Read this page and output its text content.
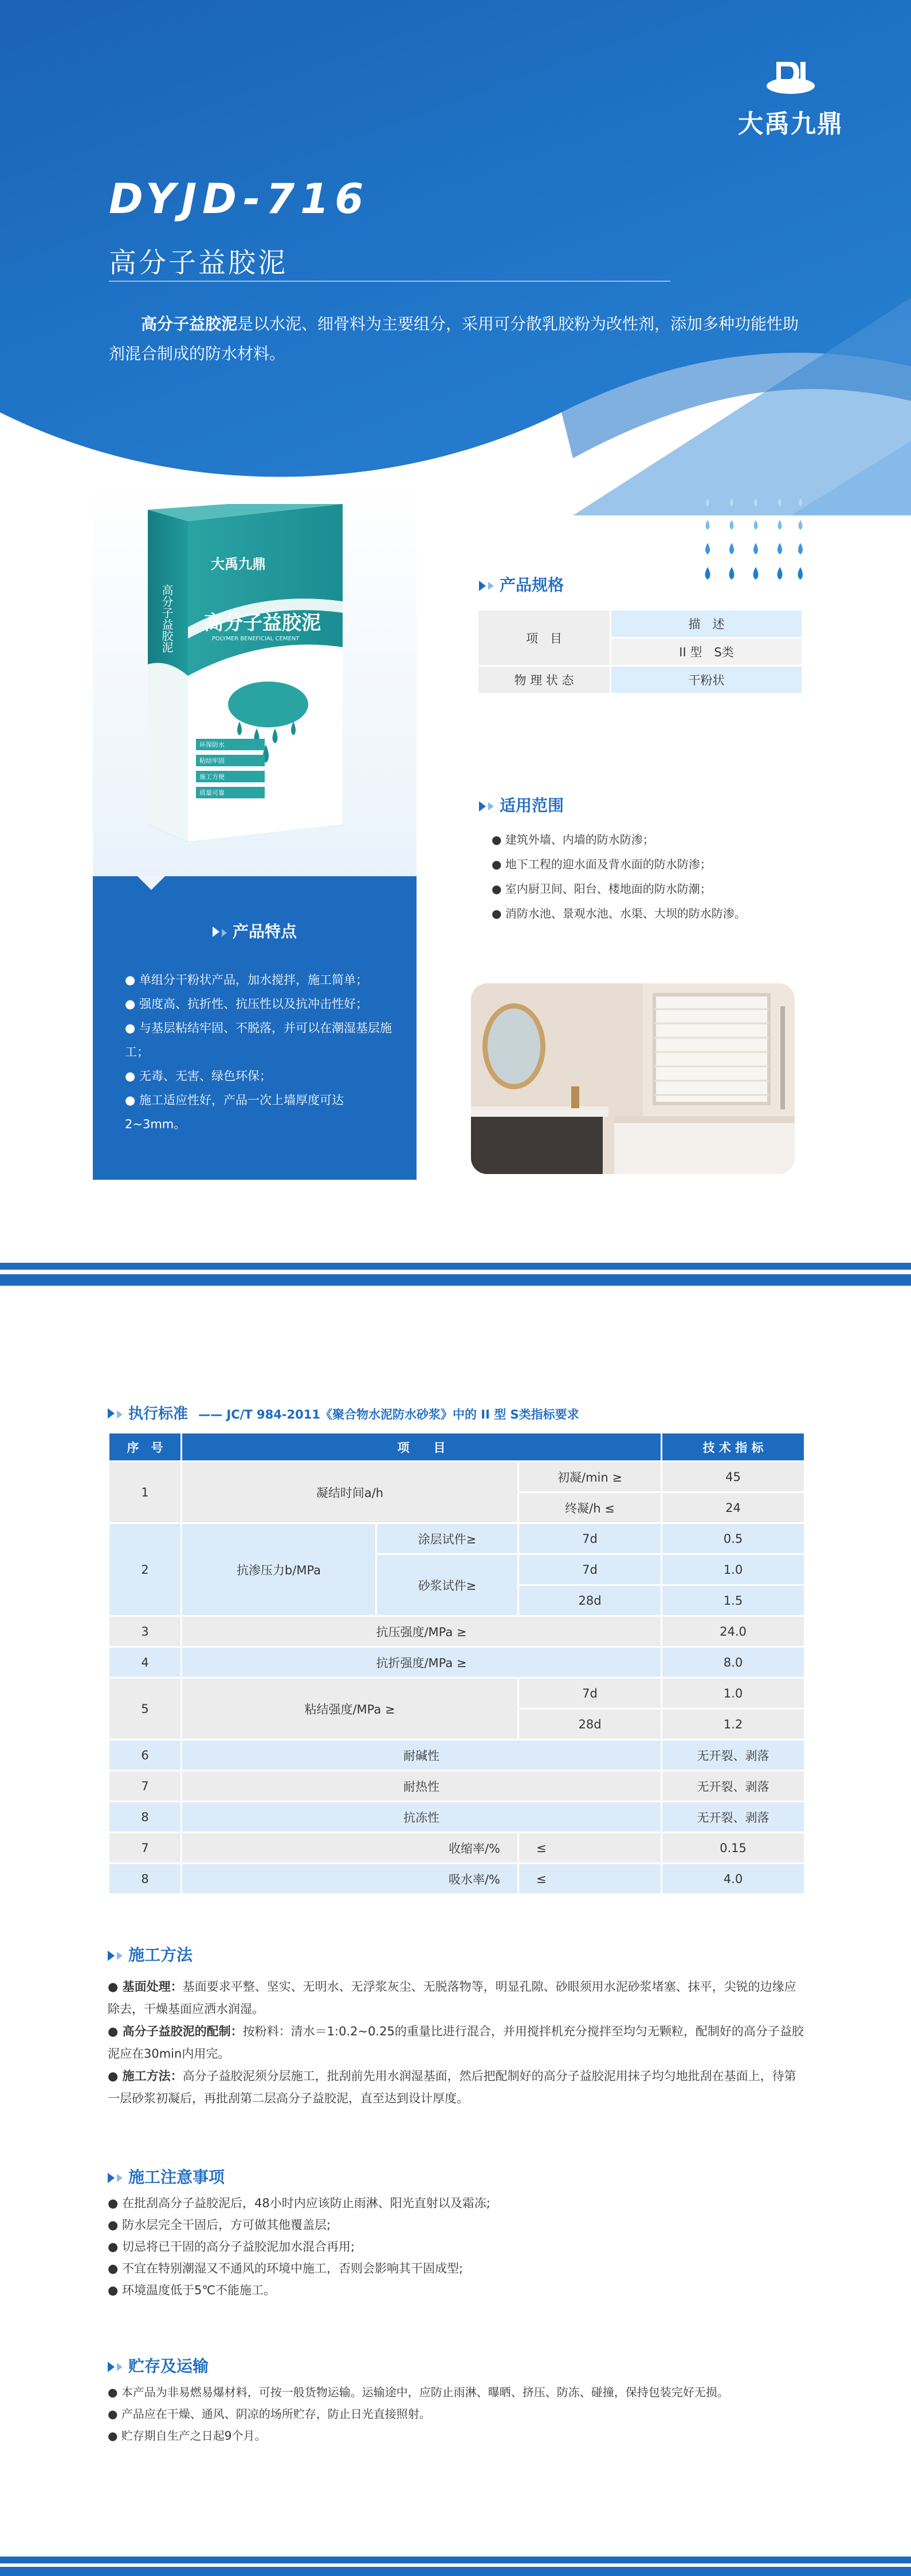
大禹九鼎
DYJD-716
高分子益胶泥
高分子益胶泥是以水泥、细骨料为主要组分，采用可分散乳胶粉为改性剂，添加多种功能性助剂混合制成的防水材料。
大禹九鼎
高分子益胶泥
POLYMER BENEFICIAL CEMENT
高分子益胶泥
环保防水
粘结牢固
施工方便
质量可靠
产品特点
● 单组分干粉状产品，加水搅拌，施工简单；
● 强度高、抗折性、抗压性以及抗冲击性好；
● 与基层粘结牢固、不脱落，并可以在潮湿基层施工；
● 无毒、无害、绿色环保；
● 施工适应性好，产品一次上墙厚度可达2~3mm。
产品规格
项　目	描　述
	II 型　S类
物 理 状 态	干粉状
适用范围
● 建筑外墙、内墙的防水防渗；
● 地下工程的迎水面及背水面的防水防渗；
● 室内厨卫间、阳台、楼地面的防水防潮；
● 消防水池、景观水池、水渠、大坝的防水防渗。
执行标准 —— JC/T 984-2011《聚合物水泥防水砂浆》中的 II 型 S类指标要求
序　号	项　　目			技 术 指 标
1	凝结时间a/h		初凝/min ≥	45
			终凝/h ≤	24
2	抗渗压力b/MPa	涂层试件≥	7d	0.5
		砂浆试件≥	7d	1.0
			28d	1.5
3	抗压强度/MPa ≥			24.0
4	抗折强度/MPa ≥			8.0
5	粘结强度/MPa ≥		7d	1.0
			28d	1.2
6	耐碱性			无开裂、剥落
7	耐热性			无开裂、剥落
8	抗冻性			无开裂、剥落
7	收缩率/%		≤	0.15
8	吸水率/%		≤	4.0
施工方法

● 基面处理：基面要求平整、坚实、无明水、无浮浆灰尘、无脱落物等，明显孔隙、砂眼须用水泥砂浆堵塞、抹平，尖锐的边缘应除去，干燥基面应洒水润湿。

● 高分子益胶泥的配制：按粉料：清水＝1:0.2~0.25的重量比进行混合，并用搅拌机充分搅拌至均匀无颗粒，配制好的高分子益胶泥应在30min内用完。

● 施工方法：高分子益胶泥须分层施工，批刮前先用水润湿基面，然后把配制好的高分子益胶泥用抹子均匀地批刮在基面上，待第一层砂浆初凝后，再批刮第二层高分子益胶泥，直至达到设计厚度。

施工注意事项
● 在批刮高分子益胶泥后，48小时内应该防止雨淋、阳光直射以及霜冻;
● 防水层完全干固后，方可做其他覆盖层;
● 切忌将已干固的高分子益胶泥加水混合再用;
● 不宜在特别潮湿又不通风的环境中施工，否则会影响其干固成型;
● 环境温度低于5℃不能施工。
贮存及运输
● 本产品为非易燃易爆材料，可按一般货物运输。运输途中，应防止雨淋、曝晒、挤压、防冻、碰撞，保持包装完好无损。
● 产品应在干燥、通风、阴凉的场所贮存，防止日光直接照射。
● 贮存期自生产之日起9个月。
